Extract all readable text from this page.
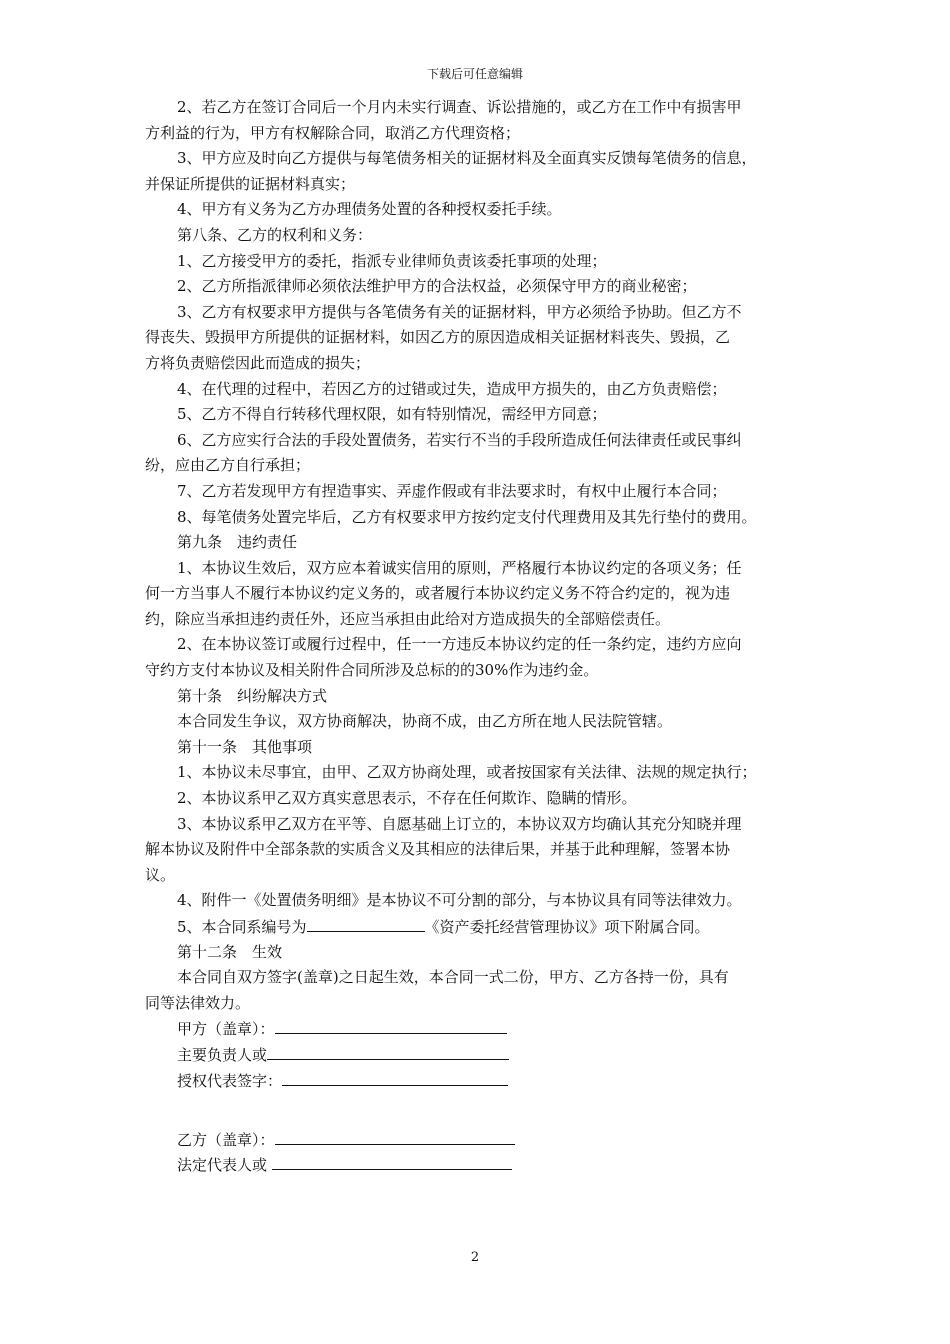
下载后可任意编辑
2、若乙方在签订合同后一个月内未实行调查、诉讼措施的，或乙方在工作中有损害甲
方利益的行为，甲方有权解除合同，取消乙方代理资格；
3、甲方应及时向乙方提供与每笔债务相关的证据材料及全面真实反馈每笔债务的信息，
并保证所提供的证据材料真实；
4、甲方有义务为乙方办理债务处置的各种授权委托手续。
第八条、乙方的权利和义务：
1、乙方接受甲方的委托，指派专业律师负责该委托事项的处理；
2、乙方所指派律师必须依法维护甲方的合法权益，必须保守甲方的商业秘密；
3、乙方有权要求甲方提供与各笔债务有关的证据材料，甲方必须给予协助。但乙方不
得丧失、毁损甲方所提供的证据材料，如因乙方的原因造成相关证据材料丧失、毁损，乙
方将负责赔偿因此而造成的损失；
4、在代理的过程中，若因乙方的过错或过失，造成甲方损失的，由乙方负责赔偿；
5、乙方不得自行转移代理权限，如有特别情况，需经甲方同意；
6、乙方应实行合法的手段处置债务，若实行不当的手段所造成任何法律责任或民事纠
纷，应由乙方自行承担；
7、乙方若发现甲方有捏造事实、弄虚作假或有非法要求时，有权中止履行本合同；
8、每笔债务处置完毕后，乙方有权要求甲方按约定支付代理费用及其先行垫付的费用。
第九条　违约责任
1、本协议生效后，双方应本着诚实信用的原则，严格履行本协议约定的各项义务；任
何一方当事人不履行本协议约定义务的，或者履行本协议约定义务不符合约定的，视为违
约，除应当承担违约责任外，还应当承担由此给对方造成损失的全部赔偿责任。
2、在本协议签订或履行过程中，任一一方违反本协议约定的任一条约定，违约方应向
守约方支付本协议及相关附件合同所涉及总标的的30%作为违约金。
第十条　纠纷解决方式
本合同发生争议，双方协商解决，协商不成，由乙方所在地人民法院管辖。
第十一条　其他事项
1、本协议未尽事宜，由甲、乙双方协商处理，或者按国家有关法律、法规的规定执行；
2、本协议系甲乙双方真实意思表示，不存在任何欺诈、隐瞒的情形。
3、本协议系甲乙双方在平等、自愿基础上订立的，本协议双方均确认其充分知晓并理
解本协议及附件中全部条款的实质含义及其相应的法律后果，并基于此种理解，签署本协
议。
4、附件一《处置债务明细》是本协议不可分割的部分，与本协议具有同等法律效力。
5、本合同系编号为	《资产委托经营管理协议》项下附属合同。
第十二条　生效
本合同自双方签字(盖章)之日起生效，本合同一式二份，甲方、乙方各持一份，具有
同等法律效力。
甲方（盖章）：
主要负责人或
授权代表签字：
乙方（盖章）：
法定代表人或
2
